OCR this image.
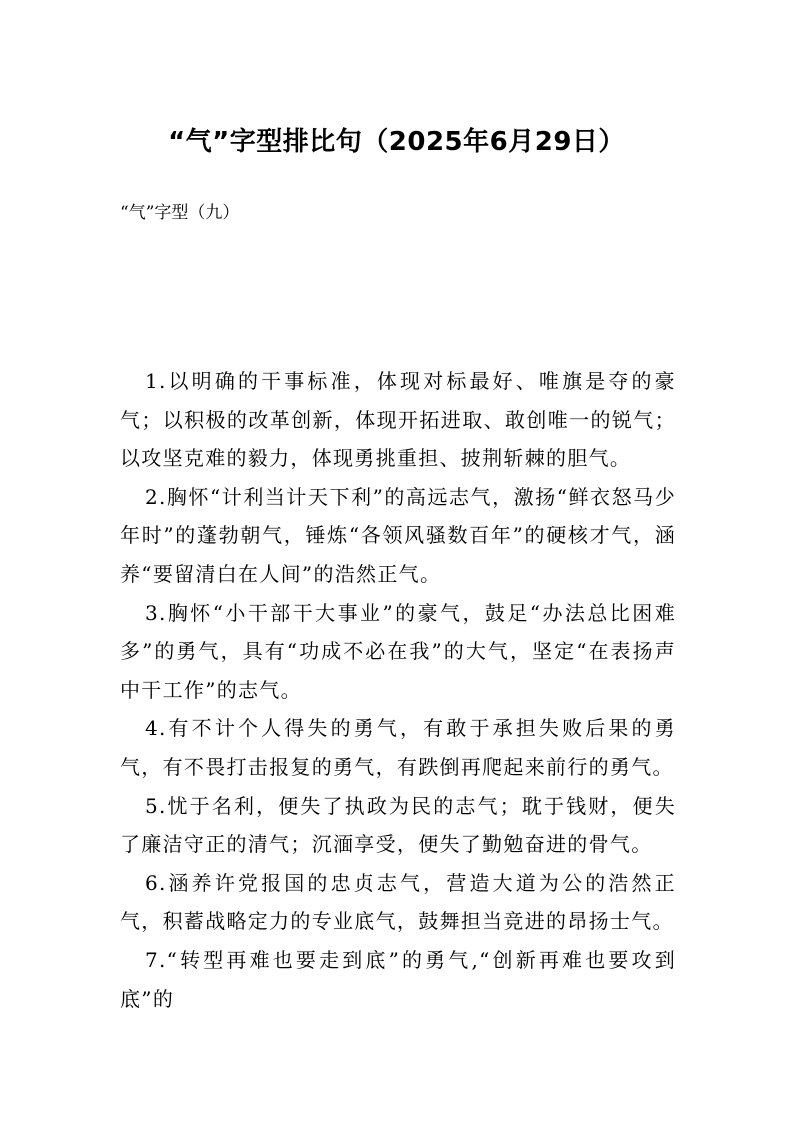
“气”字型排比句（2025年6月29日）
“气”字型（九）

1.以明确的干事标准，体现对标最好、唯旗是夺的豪气；以积极的改革创新，体现开拓进取、敢创唯一的锐气；以攻坚克难的毅力，体现勇挑重担、披荆斩棘的胆气。

2.胸怀“计利当计天下利”的高远志气，激扬“鲜衣怒马少年时”的蓬勃朝气，锤炼“各领风骚数百年”的硬核才气，涵养“要留清白在人间”的浩然正气。

3.胸怀“小干部干大事业”的豪气，鼓足“办法总比困难多”的勇气，具有“功成不必在我”的大气，坚定“在表扬声中干工作”的志气。

4.有不计个人得失的勇气，有敢于承担失败后果的勇气，有不畏打击报复的勇气，有跌倒再爬起来前行的勇气。

5.忧于名利，便失了执政为民的志气；耽于钱财，便失了廉洁守正的清气；沉湎享受，便失了勤勉奋进的骨气。

6.涵养许党报国的忠贞志气，营造大道为公的浩然正气，积蓄战略定力的专业底气，鼓舞担当竞进的昂扬士气。

7.“转型再难也要走到底”的勇气,“创新再难也要攻到底”的
